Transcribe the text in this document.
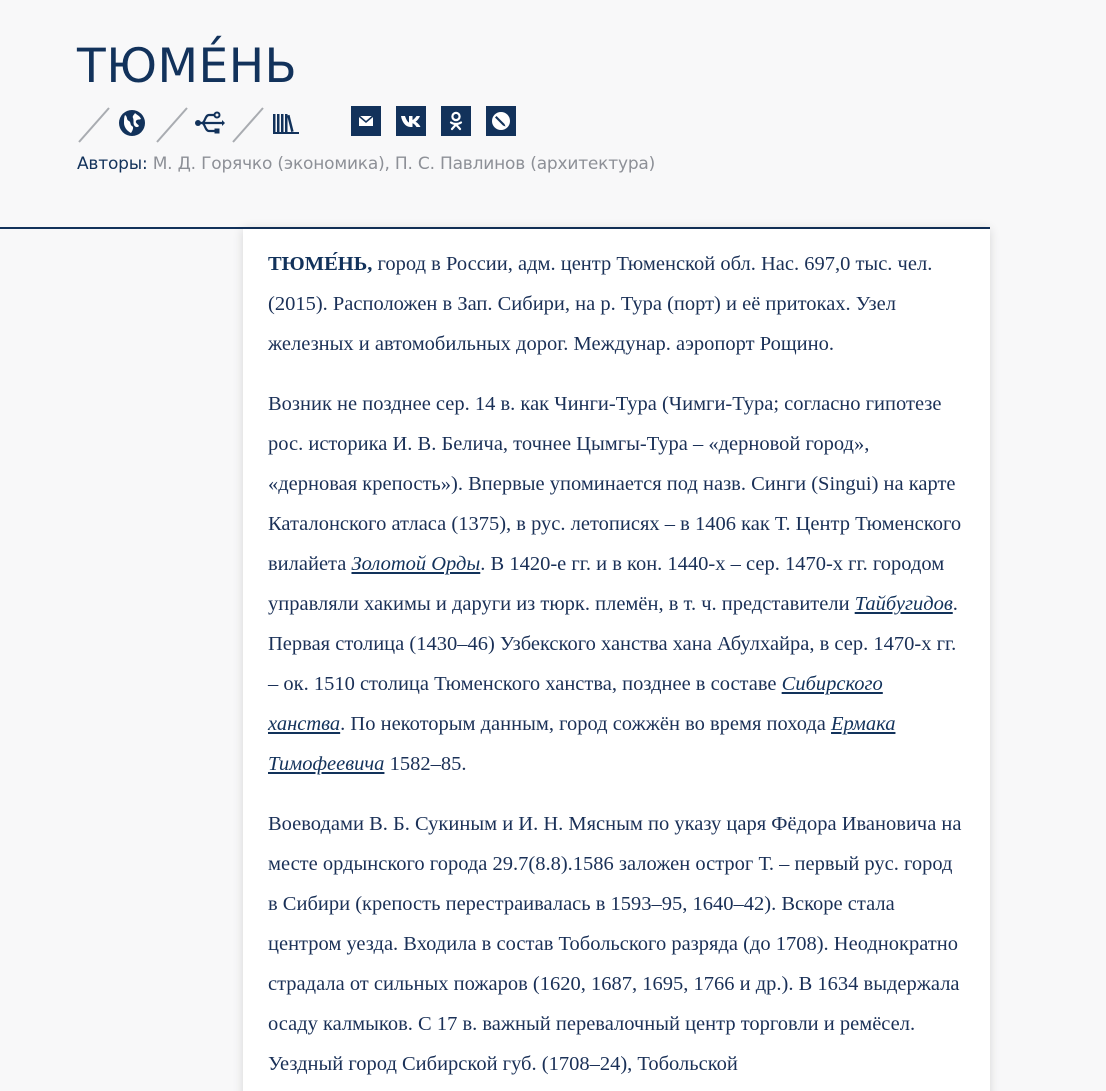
ТЮМЕ́НЬ
Авторы: М. Д. Горячко (экономика), П. С. Павлинов (архитектура)

ТЮМЕ́НЬ, город в России, адм. центр Тюменской обл. Нас. 697,0 тыс. чел. (2015). Расположен в Зап. Сибири, на р. Тура (порт) и её притоках. Узел железных и автомобильных дорог. Междунар. аэропорт Рощино.

Возник не позднее сер. 14 в. как Чинги-Тура (Чимги-Тура; согласно гипотезе рос. историка И. В. Белича, точнее Цымгы-Тура – «дерновой город», «дерновая крепость»). Впервые упоминается под назв. Синги (Singui) на карте Каталонского атласа (1375), в рус. летописях – в 1406 как Т. Центр Тюменского вилайета Золотой Орды. В 1420-е гг. и в кон. 1440-х – сер. 1470-х гг. городом управляли хакимы и даруги из тюрк. племён, в т. ч. представители Тайбугидов. Первая столица (1430–46) Узбекского ханства хана Абулхайра, в сер. 1470-х гг. – ок. 1510 столица Тюменского ханства, позднее в составе Сибирского ханства. По некоторым данным, город сожжён во время похода Ермака Тимофеевича 1582–85.

Воеводами В. Б. Сукиным и И. Н. Мясным по указу царя Фёдора Ивановича на месте ордынского города 29.7(8.8).1586 заложен острог Т. – первый рус. город в Сибири (крепость перестраивалась в 1593–95, 1640–42). Вскоре стала центром уезда. Входила в состав Тобольского разряда (до 1708). Неоднократно страдала от сильных пожаров (1620, 1687, 1695, 1766 и др.). В 1634 выдержала осаду калмыков. С 17 в. важный перевалочный центр торговли и ремёсел. Уездный город Сибирской губ. (1708–24), Тобольской
